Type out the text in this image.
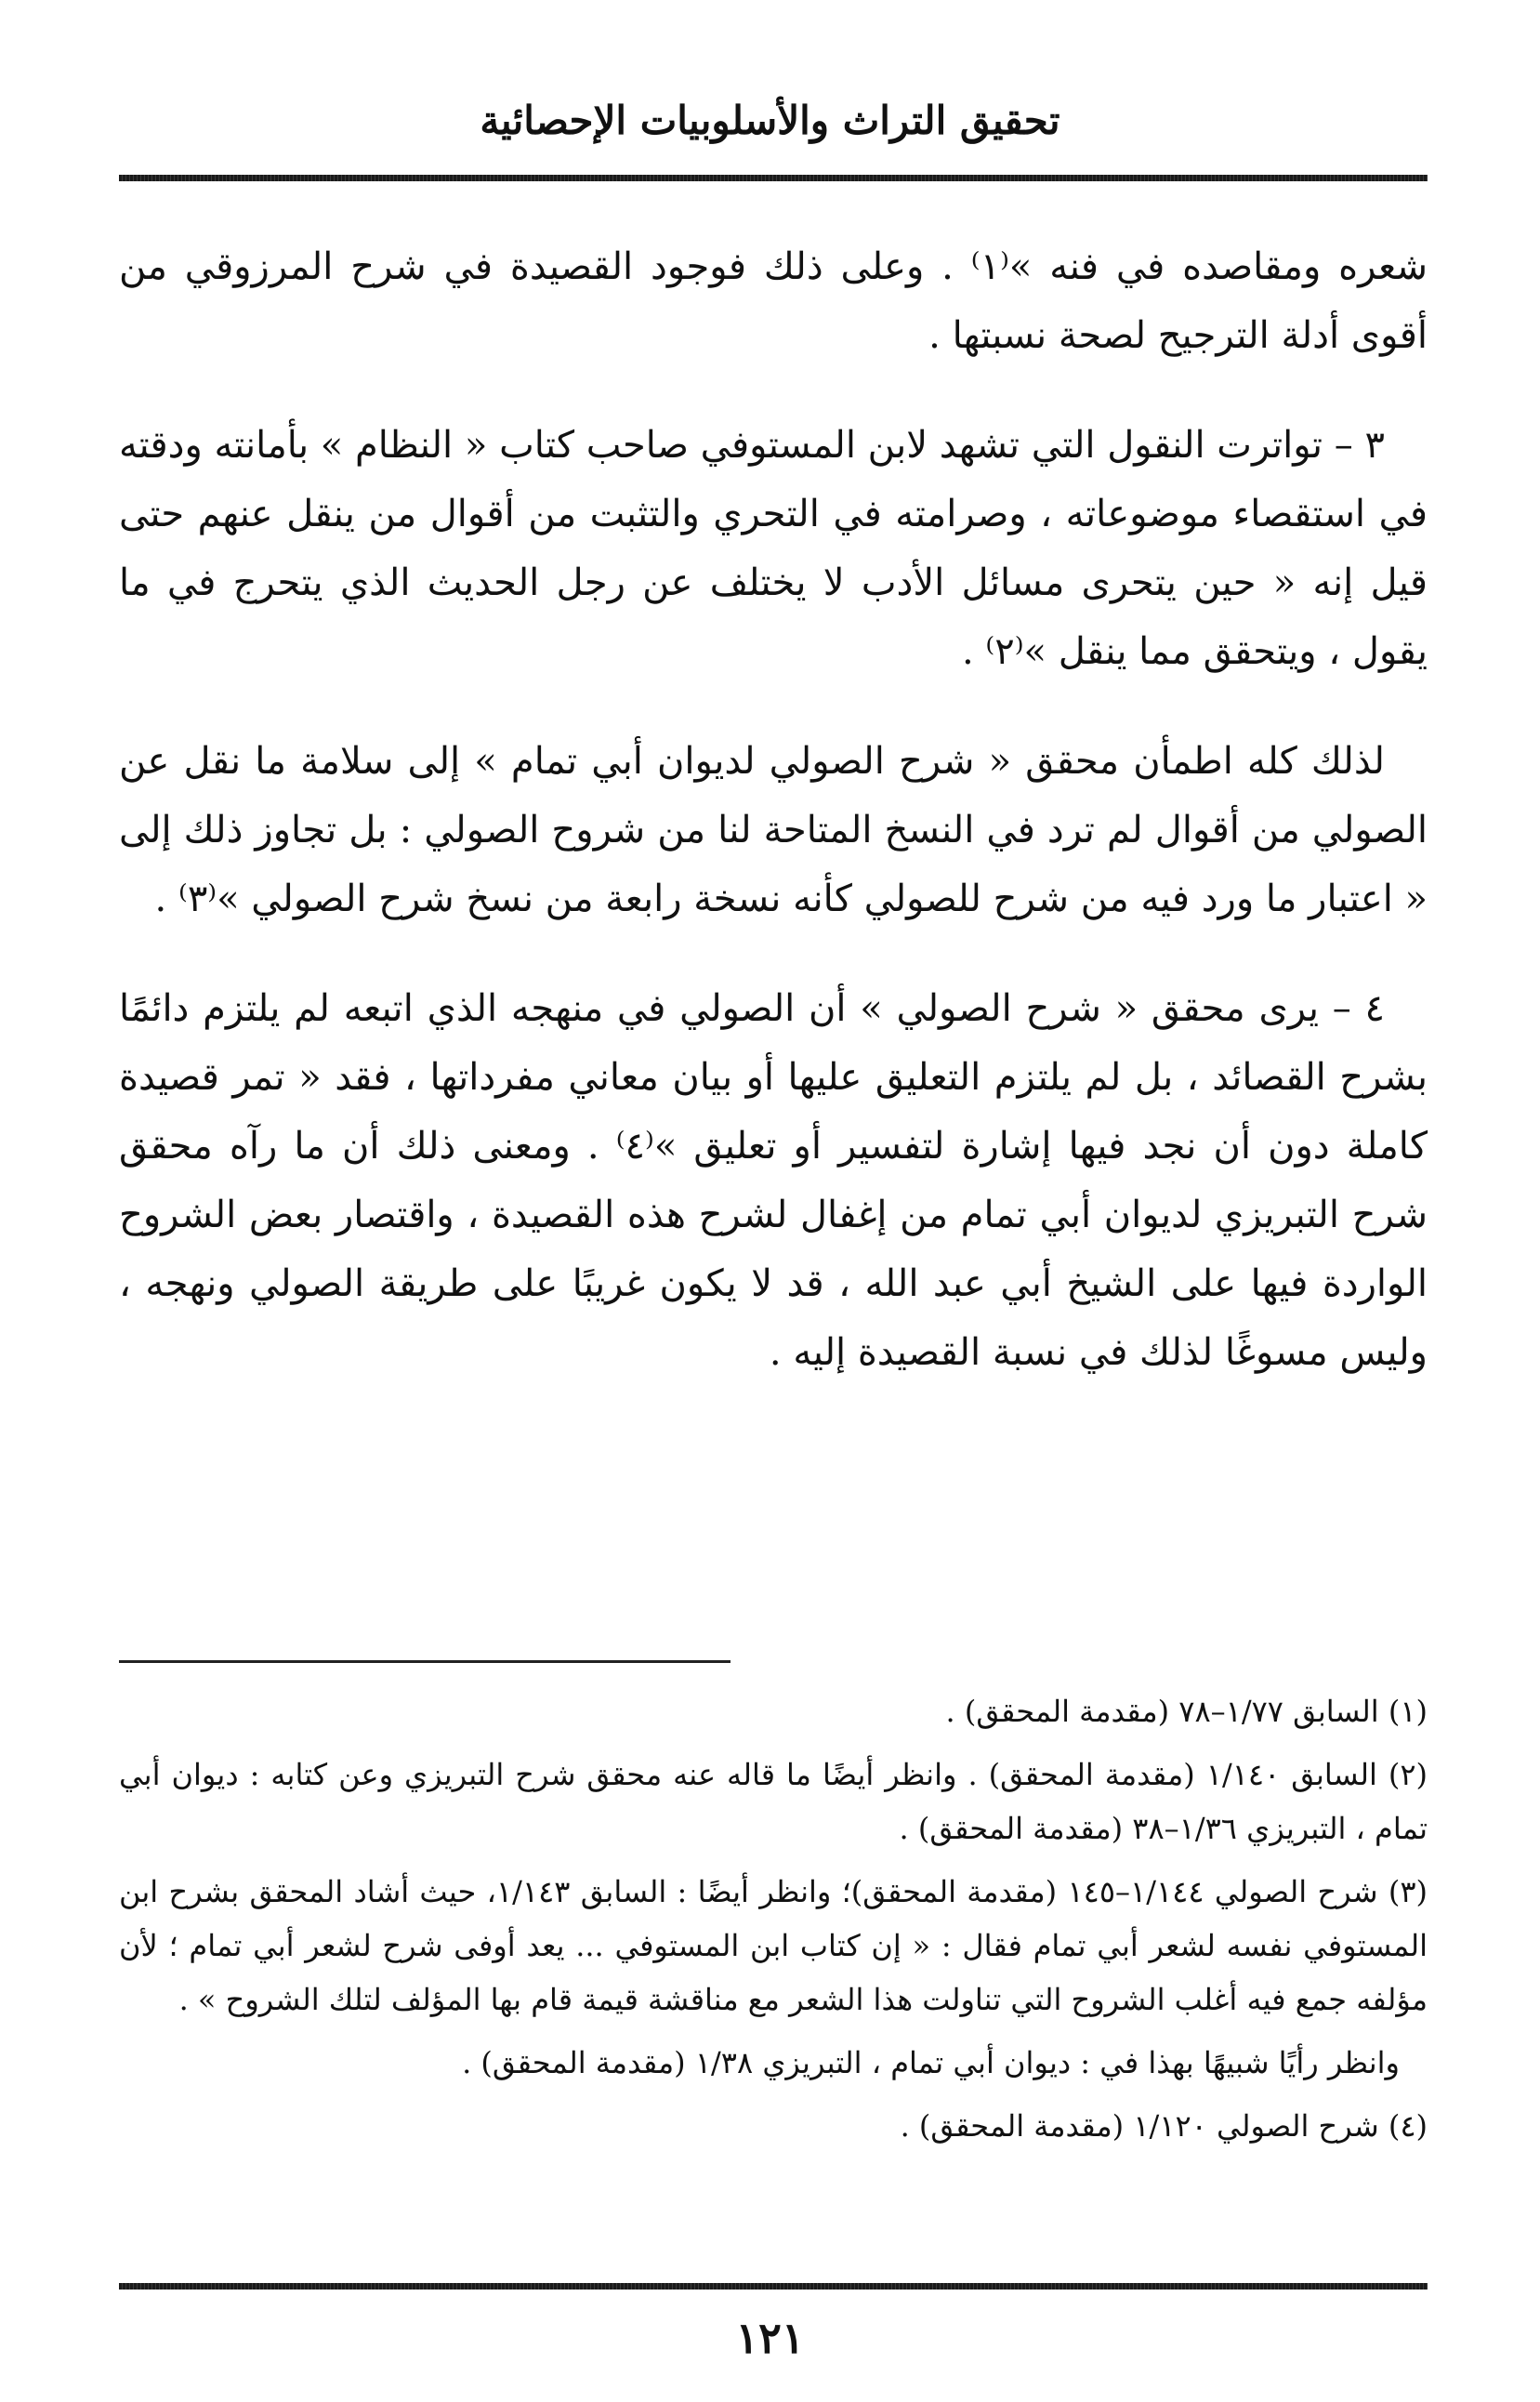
تحقيق التراث والأسلوبيات الإحصائية

شعره ومقاصده في فنه »⁽١⁾ . وعلى ذلك فوجود القصيدة في شرح المرزوقي من أقوى أدلة الترجيح لصحة نسبتها .

٣ – تواترت النقول التي تشهد لابن المستوفي صاحب كتاب « النظام » بأمانته ودقته في استقصاء موضوعاته ، وصرامته في التحري والتثبت من أقوال من ينقل عنهم حتى قيل إنه « حين يتحرى مسائل الأدب لا يختلف عن رجل الحديث الذي يتحرج في ما يقول ، ويتحقق مما ينقل »⁽٢⁾ .

لذلك كله اطمأن محقق « شرح الصولي لديوان أبي تمام » إلى سلامة ما نقل عن الصولي من أقوال لم ترد في النسخ المتاحة لنا من شروح الصولي : بل تجاوز ذلك إلى « اعتبار ما ورد فيه من شرح للصولي كأنه نسخة رابعة من نسخ شرح الصولي »⁽٣⁾ .

٤ – يرى محقق « شرح الصولي » أن الصولي في منهجه الذي اتبعه لم يلتزم دائمًا بشرح القصائد ، بل لم يلتزم التعليق عليها أو بيان معاني مفرداتها ، فقد « تمر قصيدة كاملة دون أن نجد فيها إشارة لتفسير أو تعليق »⁽٤⁾ . ومعنى ذلك أن ما رآه محقق شرح التبريزي لديوان أبي تمام من إغفال لشرح هذه القصيدة ، واقتصار بعض الشروح الواردة فيها على الشيخ أبي عبد الله ، قد لا يكون غريبًا على طريقة الصولي ونهجه ، وليس مسوغًا لذلك في نسبة القصيدة إليه .

(١) السابق ١/٧٧–٧٨ (مقدمة المحقق) .

(٢) السابق ١/١٤٠ (مقدمة المحقق) . وانظر أيضًا ما قاله عنه محقق شرح التبريزي وعن كتابه : ديوان أبي تمام ، التبريزي ١/٣٦–٣٨ (مقدمة المحقق) .

(٣) شرح الصولي ١/١٤٤–١٤٥ (مقدمة المحقق)؛ وانظر أيضًا : السابق ١/١٤٣، حيث أشاد المحقق بشرح ابن المستوفي نفسه لشعر أبي تمام فقال : « إن كتاب ابن المستوفي ... يعد أوفى شرح لشعر أبي تمام ؛ لأن مؤلفه جمع فيه أغلب الشروح التي تناولت هذا الشعر مع مناقشة قيمة قام بها المؤلف لتلك الشروح » .

وانظر رأيًا شبيهًا بهذا في : ديوان أبي تمام ، التبريزي ١/٣٨ (مقدمة المحقق) .

(٤) شرح الصولي ١/١٢٠ (مقدمة المحقق) .

١٢١
